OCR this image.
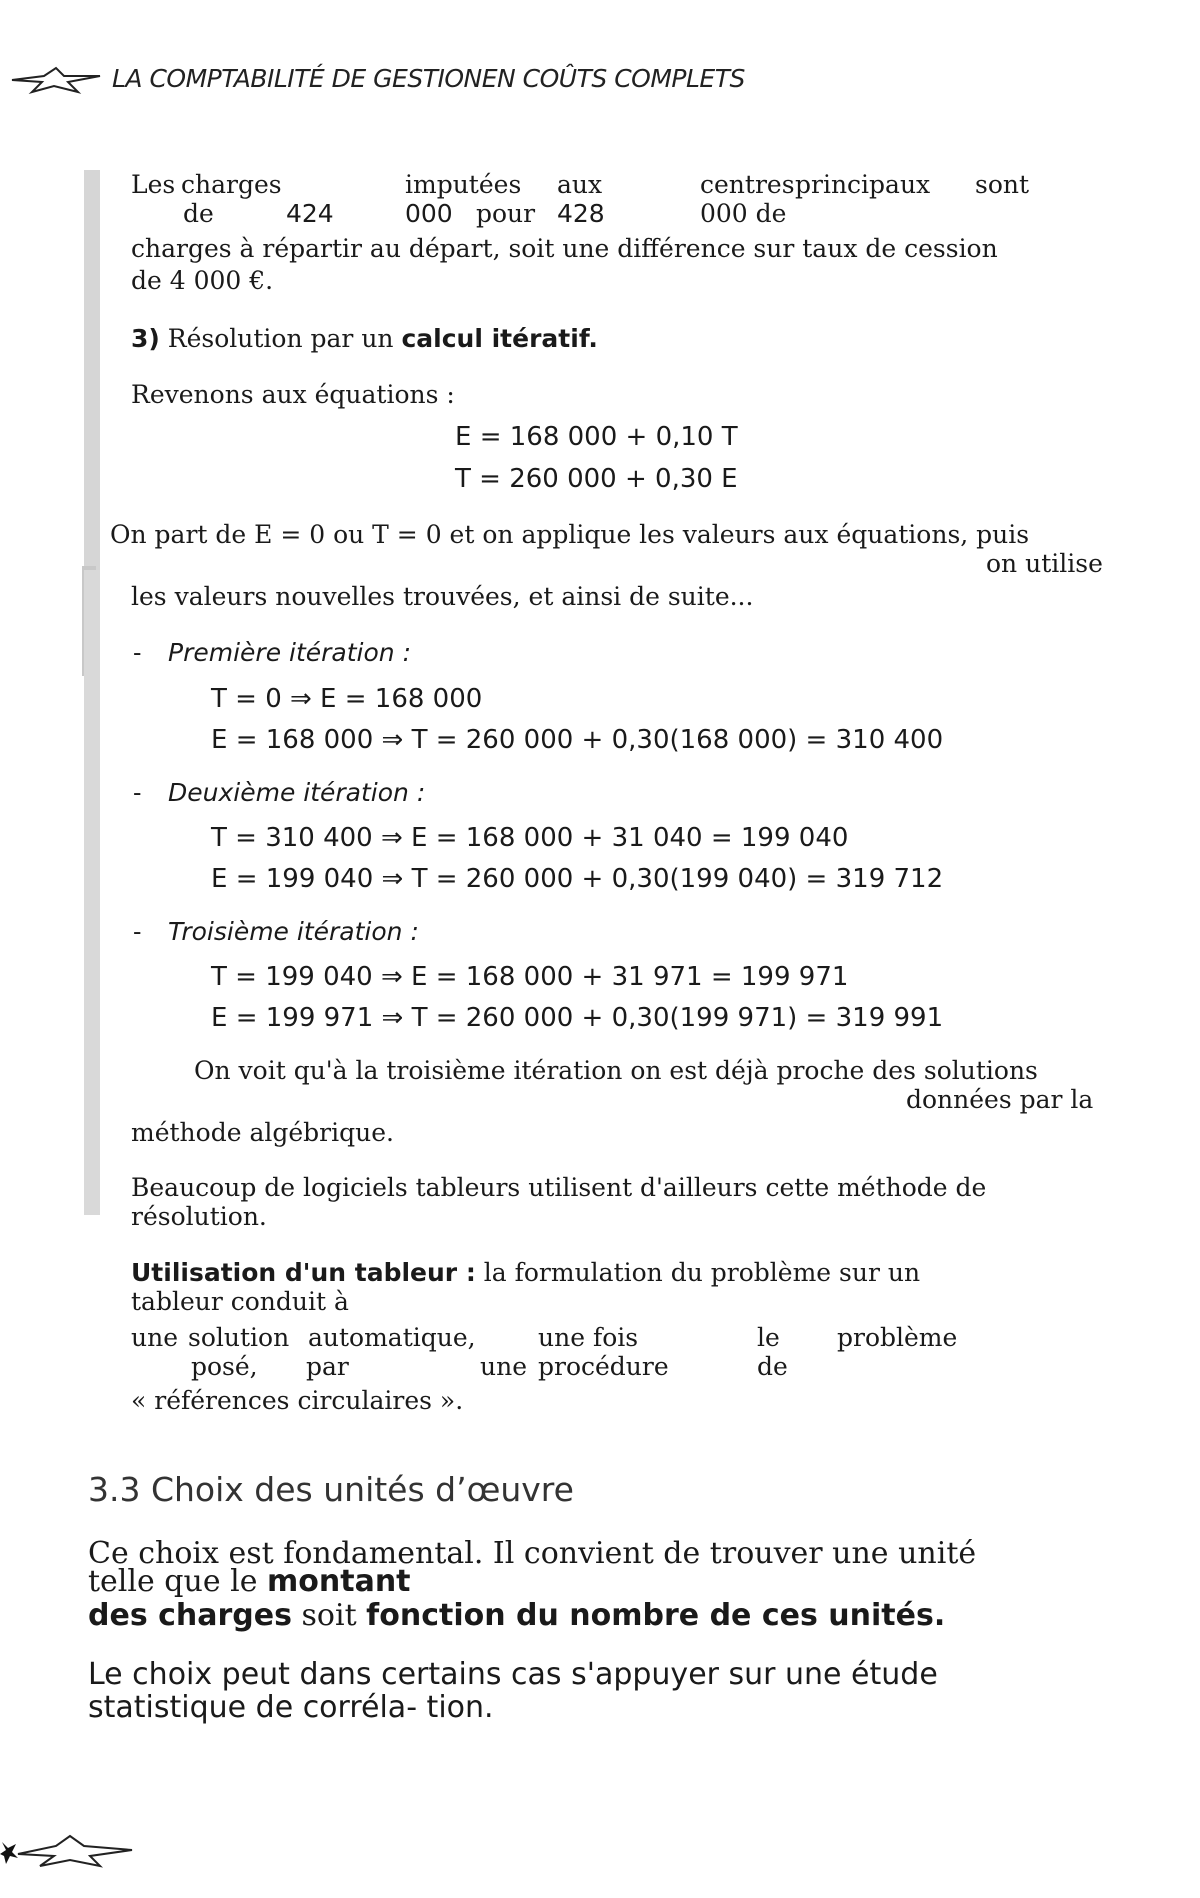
LA COMPTABILITÉ DE GESTIONEN COÛTS COMPLETS
Les charges	imputées aux	centres principaux sont
de	424	000 pour 428	000 de
charges à répartir au départ, soit une différence sur taux de cession
de 4 000 €.
3) Résolution par un calcul itératif.
Revenons aux équations :
E = 168 000 + 0,10 T
T = 260 000 + 0,30 E
On part de E = 0 ou T = 0 et on applique les valeurs aux équations, puis
on utilise
les valeurs nouvelles trouvées, et ainsi de suite...
- Première itération :
T = 0 ⇒ E = 168 000
E = 168 000 ⇒ T = 260 000 + 0,30(168 000) = 310 400
- Deuxième itération :
T = 310 400 ⇒ E = 168 000 + 31 040 = 199 040
E = 199 040 ⇒ T = 260 000 + 0,30(199 040) = 319 712
- Troisième itération :
T = 199 040 ⇒ E = 168 000 + 31 971 = 199 971
E = 199 971 ⇒ T = 260 000 + 0,30(199 971) = 319 991
On voit qu'à la troisième itération on est déjà proche des solutions
données par la
méthode algébrique.
Beaucoup de logiciels tableurs utilisent d'ailleurs cette méthode de
résolution.
Utilisation d'un tableur : la formulation du problème sur un
tableur conduit à
une solution automatique, une fois	le problème
posé, par	une procédure	de
« références circulaires ».
3.3 Choix des unités d’œuvre
Ce choix est fondamental. Il convient de trouver une unité
telle que le montant
des charges soit fonction du nombre de ces unités.
Le choix peut dans certains cas s'appuyer sur une étude
statistique de corréla- tion.
